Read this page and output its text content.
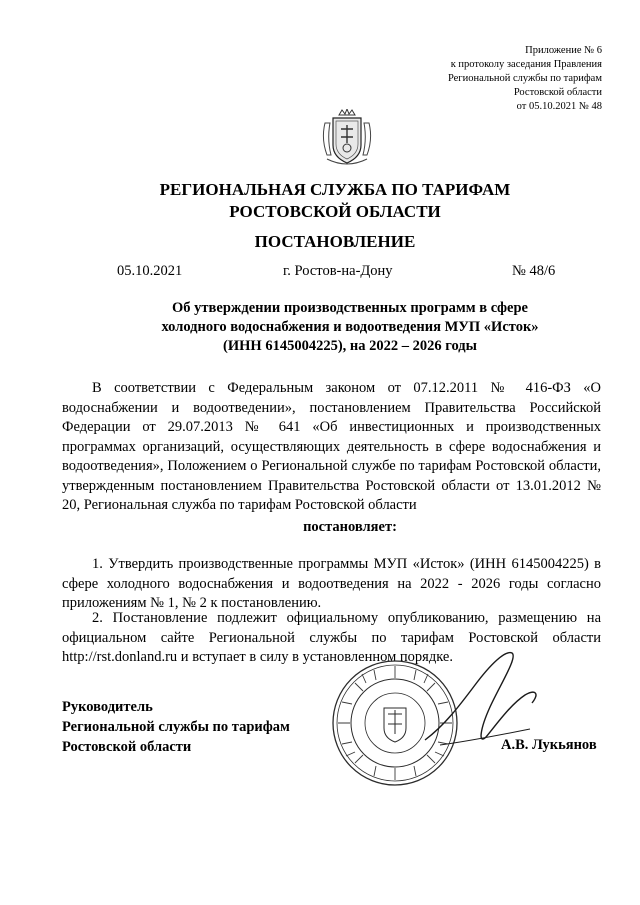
Приложение № 6
к протоколу заседания Правления
Региональной службы по тарифам
Ростовской области
от 05.10.2021 № 48
РЕГИОНАЛЬНАЯ СЛУЖБА ПО ТАРИФАМ
РОСТОВСКОЙ ОБЛАСТИ
ПОСТАНОВЛЕНИЕ
05.10.2021	г. Ростов-на-Дону	№ 48/6
Об утверждении производственных программ в сфере
холодного водоснабжения и водоотведения МУП «Исток»
(ИНН 6145004225), на 2022 – 2026 годы
В соответствии с Федеральным законом от 07.12.2011 № 416-ФЗ «О водоснабжении и водоотведении», постановлением Правительства Российской Федерации от 29.07.2013 № 641 «Об инвестиционных и производственных программах организаций, осуществляющих деятельность в сфере водоснабжения и водоотведения», Положением о Региональной службе по тарифам Ростовской области, утвержденным постановлением Правительства Ростовской области от 13.01.2012 № 20, Региональная служба по тарифам Ростовской области
постановляет:
1. Утвердить производственные программы МУП «Исток» (ИНН 6145004225) в сфере холодного водоснабжения и водоотведения на 2022 - 2026 годы согласно приложениям № 1, № 2 к постановлению.
2. Постановление подлежит официальному опубликованию, размещению на официальном сайте Региональной службы по тарифам Ростовской области http://rst.donland.ru и вступает в силу в установленном порядке.
Руководитель
Региональной службы по тарифам
Ростовской области	А.В. Лукьянов
